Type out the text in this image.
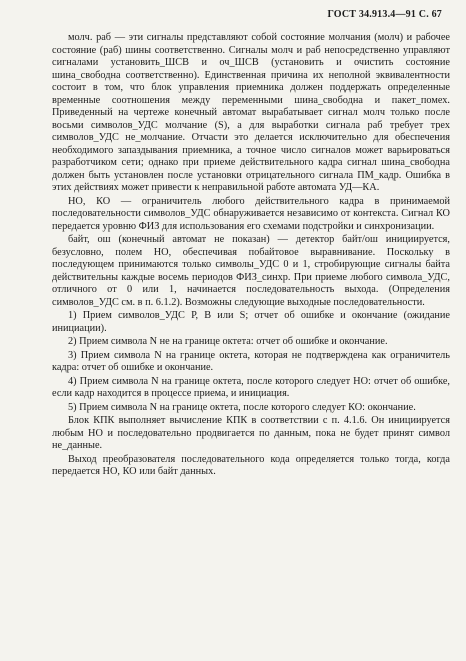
ГОСТ 34.913.4—91 С. 67

молч. раб — эти сигналы представляют собой состояние молчания (молч) и рабочее состояние (раб) шины соответственно. Сигналы молч и раб непосредственно управляют сигналами установить_ШСВ и оч_ШСВ (установить и очистить состояние шина_свободна соответственно). Единственная причина их неполной эквивалентности состоит в том, что блок управления приемника должен поддержать определенные временные соотношения между переменными шина_свободна и пакет_помех. Приведенный на чертеже конечный автомат вырабатывает сигнал молч только после восьми символов_УДС молчание (S), а для выработки сигнала раб требует трех символов_УДС не_молчание. Отчасти это делается исключительно для обеспечения необходимого запаздывания приемника, а точное число сигналов может варьироваться разработчиком сети; однако при приеме действительного кадра сигнал шина_свободна должен быть установлен после установки отрицательного сигнала ПМ_кадр. Ошибка в этих действиях может привести к неправильной работе автомата УД—КА.

НО, КО — ограничитель любого действительного кадра в принимаемой последовательности символов_УДС обнаруживается независимо от контекста. Сигнал КО передается уровню ФИЗ для использования его схемами подстройки и синхронизации.

байт, ош (конечный автомат не показан) — детектор байт/ош инициируется, безусловно, полем НО, обеспечивая побайтовое выравнивание. Поскольку в последующем принимаются только символы_УДС 0 и 1, стробирующие сигналы байта действительны каждые восемь периодов ФИЗ_синхр. При приеме любого символа_УДС, отличного от 0 или 1, начинается последовательность выхода. (Определения символов_УДС см. в п. 6.1.2). Возможны следующие выходные последовательности.

1) Прием символов_УДС Р, В или S; отчет об ошибке и окончание (ожидание инициации).

2) Прием символа N не на границе октета: отчет об ошибке и окончание.

3) Прием символа N на границе октета, которая не подтверждена как ограничитель кадра: отчет об ошибке и окончание.

4) Прием символа N на границе октета, после которого следует НО: отчет об ошибке, если кадр находится в процессе приема, и инициация.

5) Прием символа N на границе октета, после которого следует КО: окончание.

Блок КПК выполняет вычисление КПК в соответствии с п. 4.1.6. Он инициируется любым НО и последовательно продвигается по данным, пока не будет принят символ не_данные.

Выход преобразователя последовательного кода определяется только тогда, когда передается НО, КО или байт данных.
